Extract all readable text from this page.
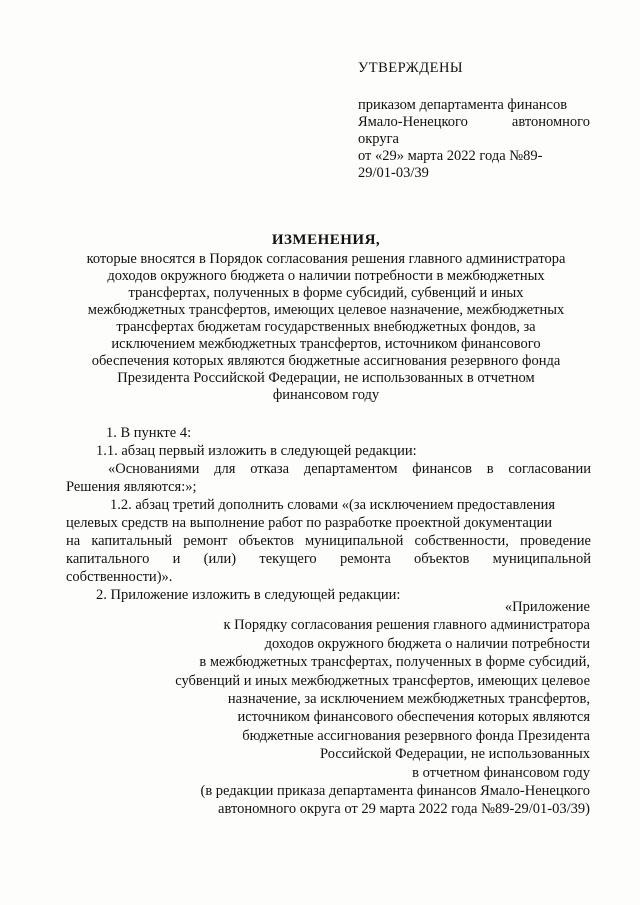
УТВЕРЖДЕНЫ
приказом департамента финансов
Ямало-Ненецкого	автономного
округа
от «29» марта 2022 года №89-
29/01-03/39
ИЗМЕНЕНИЯ,
которые вносятся в Порядок согласования решения главного администратора
доходов окружного бюджета о наличии потребности в межбюджетных
трансфертах, полученных в форме субсидий, субвенций и иных
межбюджетных трансфертов, имеющих целевое назначение, межбюджетных
трансфертах бюджетам государственных внебюджетных фондов, за
исключением межбюджетных трансфертов, источником финансового
обеспечения которых являются бюджетные ассигнования резервного фонда
Президента Российской Федерации, не использованных в отчетном
финансовом году
1. В пункте 4:
1.1. абзац первый изложить в следующей редакции:
«Основаниями для отказа департаментом финансов в согласовании
Решения являются:»;
1.2. абзац третий дополнить словами «(за исключением предоставления
целевых средств на выполнение работ по разработке проектной документации
на капитальный ремонт объектов муниципальной собственности, проведение
капитального и (или) текущего ремонта объектов муниципальной
собственности)».
2. Приложение изложить в следующей редакции:
«Приложение
к Порядку согласования решения главного администратора
доходов окружного бюджета о наличии потребности
в межбюджетных трансфертах, полученных в форме субсидий,
субвенций и иных межбюджетных трансфертов, имеющих целевое
назначение, за исключением межбюджетных трансфертов,
источником финансового обеспечения которых являются
бюджетные ассигнования резервного фонда Президента
Российской Федерации, не использованных
в отчетном финансовом году
(в редакции приказа департамента финансов Ямало-Ненецкого
автономного округа от 29 марта 2022 года №89-29/01-03/39)
